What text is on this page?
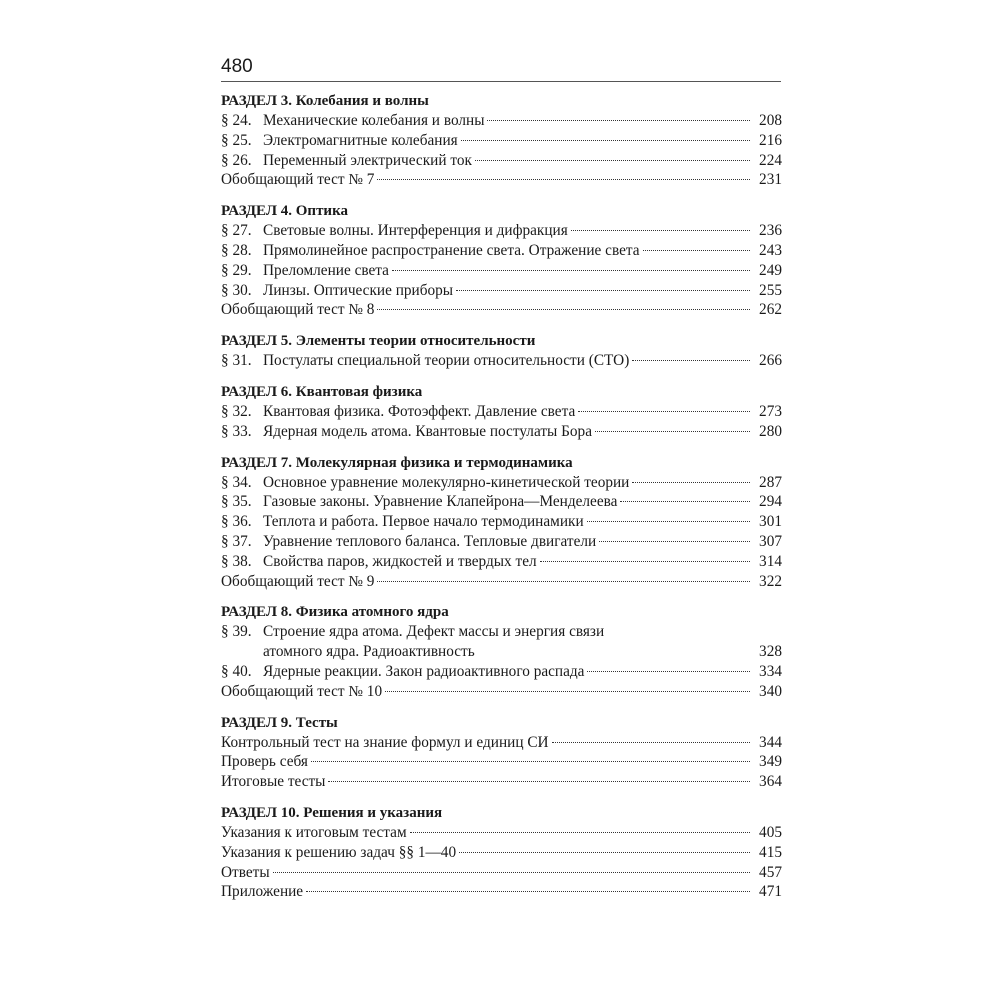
480
РАЗДЕЛ 3. Колебания и волны
§ 24. Механические колебания и волны	208
§ 25. Электромагнитные колебания	216
§ 26. Переменный электрический ток	224
Обобщающий тест № 7	231
РАЗДЕЛ 4. Оптика
§ 27. Световые волны. Интерференция и дифракция	236
§ 28. Прямолинейное распространение света. Отражение света	243
§ 29. Преломление света	249
§ 30. Линзы. Оптические приборы	255
Обобщающий тест № 8	262
РАЗДЕЛ 5. Элементы теории относительности
§ 31. Постулаты специальной теории относительности (СТО)	266
РАЗДЕЛ 6. Квантовая физика
§ 32. Квантовая физика. Фотоэффект. Давление света	273
§ 33. Ядерная модель атома. Квантовые постулаты Бора	280
РАЗДЕЛ 7. Молекулярная физика и термодинамика
§ 34. Основное уравнение молекулярно-кинетической теории	287
§ 35. Газовые законы. Уравнение Клапейрона—Менделеева	294
§ 36. Теплота и работа. Первое начало термодинамики	301
§ 37. Уравнение теплового баланса. Тепловые двигатели	307
§ 38. Свойства паров, жидкостей и твердых тел	314
Обобщающий тест № 9	322
РАЗДЕЛ 8. Физика атомного ядра
§ 39. Строение ядра атома. Дефект массы и энергия связи
атомного ядра. Радиоактивность	328
§ 40. Ядерные реакции. Закон радиоактивного распада	334
Обобщающий тест № 10	340
РАЗДЕЛ 9. Тесты
Контрольный тест на знание формул и единиц СИ	344
Проверь себя	349
Итоговые тесты	364
РАЗДЕЛ 10. Решения и указания
Указания к итоговым тестам	405
Указания к решению задач §§ 1—40	415
Ответы	457
Приложение	471
